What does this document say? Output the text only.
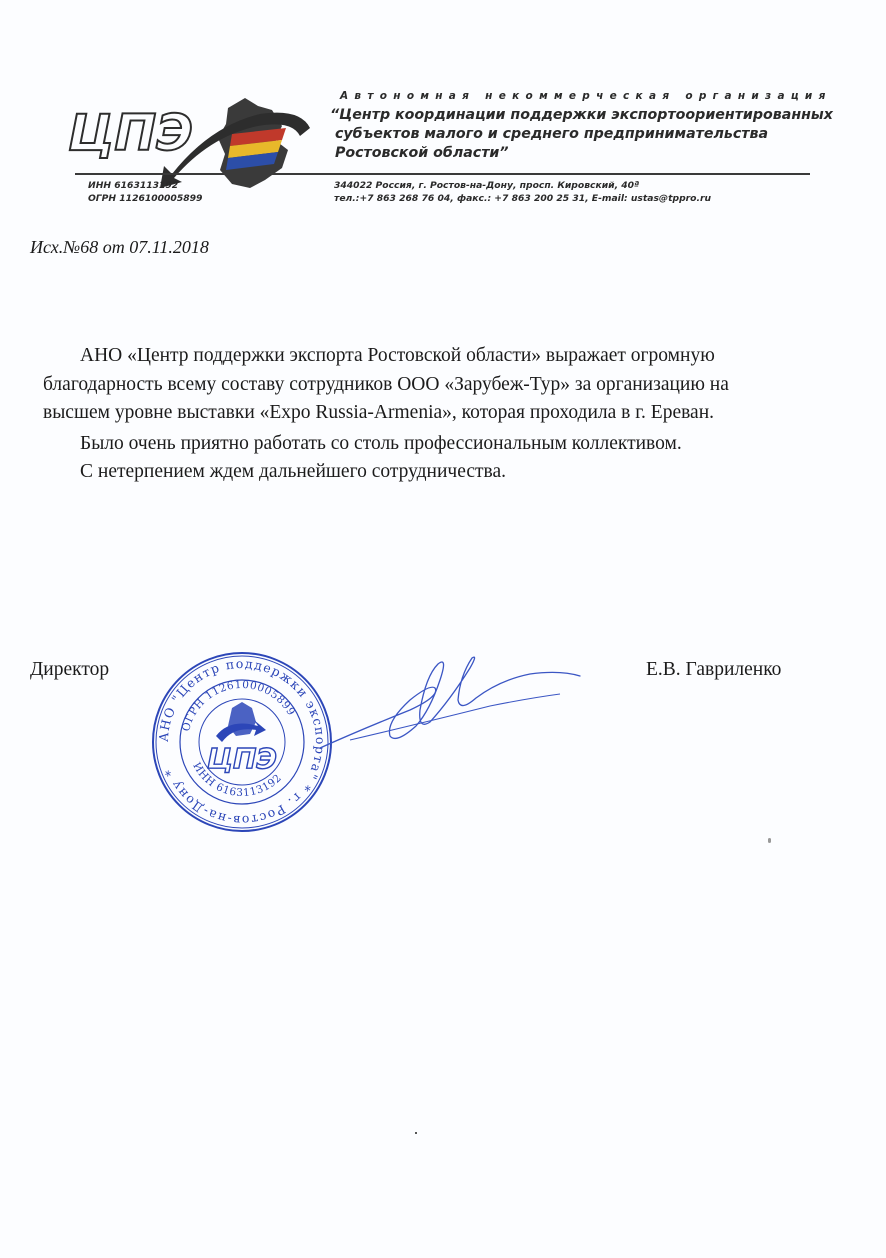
ЦПЭ
Автономная некоммерческая организация
“Центр координации поддержки экспортоориентированных
субъектов малого и среднего предпринимательства
Ростовской области”
ИНН 6163113192
ОГРН 1126100005899
344022 Россия, г. Ростов-на-Дону, просп. Кировский, 40ª
тел.:+7 863 268 76 04, факс.: +7 863 200 25 31, E-mail: ustas@tppro.ru
Исх.№68 от 07.11.2018
АНО «Центр поддержки экспорта Ростовской области» выражает огромную благодарность всему составу сотрудников ООО «Зарубеж-Тур» за организацию на высшем уровне выставки «Expo Russia-Armenia», которая проходила в г. Ереван.
Было очень приятно работать со столь профессиональным коллективом.
С нетерпением ждем дальнейшего сотрудничества.
Директор	Е.В. Гавриленко
АНО "Центр поддержки экспорта" * г. Ростов-на-Дону *
ОГРН 1126100005899
ИНН 6163113192
ЦПЭ
